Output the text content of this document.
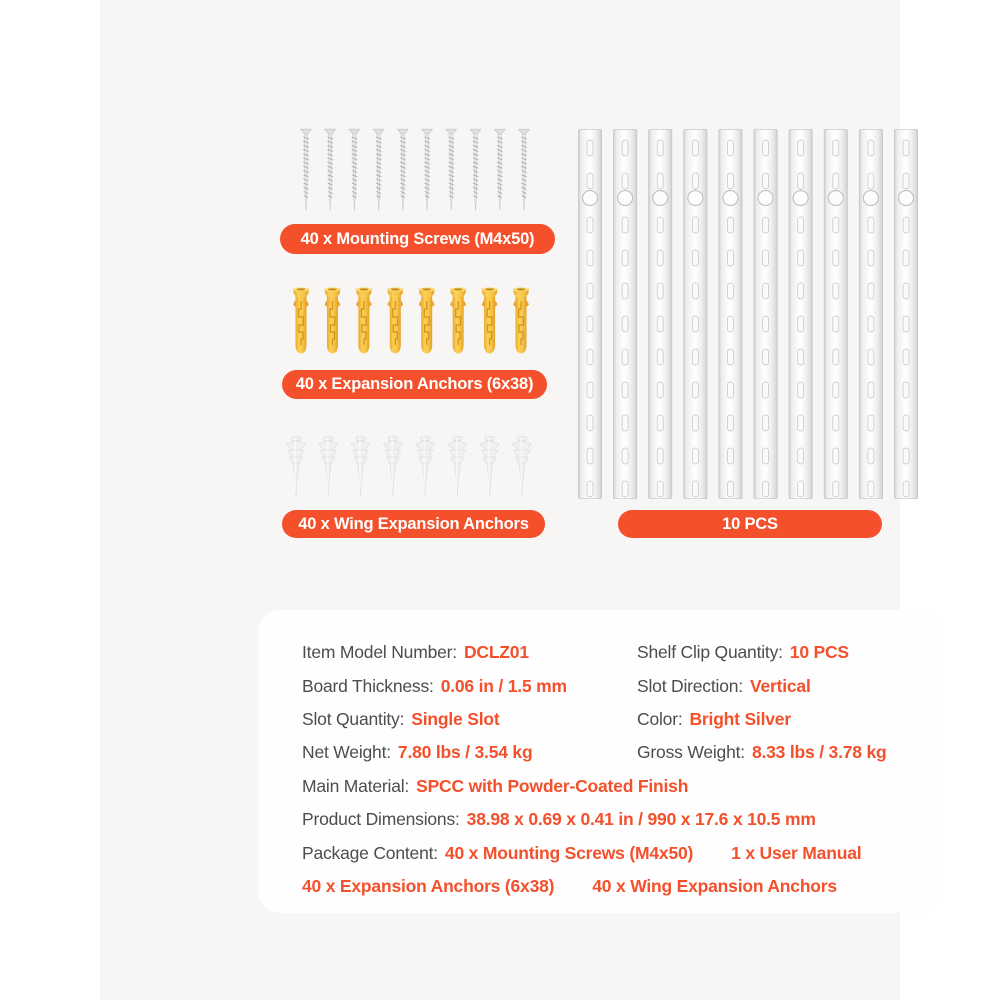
40 x Mounting Screws (M4x50)
40 x Expansion Anchors (6x38)
40 x Wing Expansion Anchors	10 PCS
Item Model Number: DCLZ01	Shelf Clip Quantity: 10 PCS
Board Thickness: 0.06 in / 1.5 mm	Slot Direction: Vertical
Slot Quantity: Single Slot	Color: Bright Silver
Net Weight: 7.80 lbs / 3.54 kg	Gross Weight: 8.33 lbs / 3.78 kg
Main Material: SPCC with Powder-Coated Finish
Product Dimensions: 38.98 x 0.69 x 0.41 in / 990 x 17.6 x 10.5 mm
Package Content: 40 x Mounting Screws (M4x50) 1 x User Manual
40 x Expansion Anchors (6x38) 40 x Wing Expansion Anchors
